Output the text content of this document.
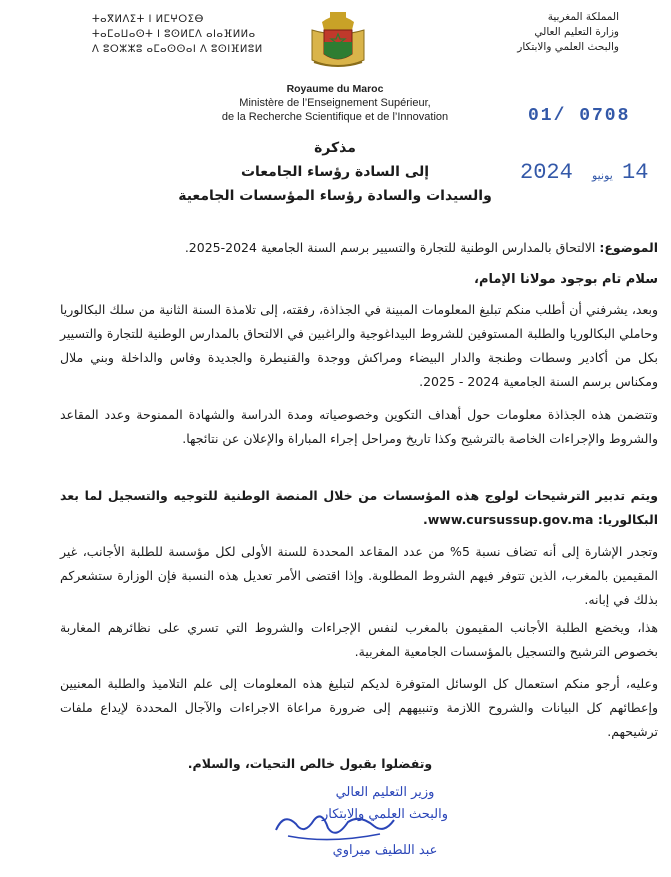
ⵜⴰⴳⵍⴷⵉⵜ ⵏ ⵍⵎⵖⵔⵉⴱ
ⵜⴰⵎⴰⵡⴰⵙⵜ ⵏ ⵓⵙⵍⵎⴷ ⴰⵏⴰⴼⵍⵍⴰ
ⴷ ⵓⵔⵣⵣⵓ ⴰⵎⴰⵙⵙⴰⵏ ⴷ ⵓⵙⵏⴼⵍⵓⵍ
المملكة المغربية
وزارة التعليم العالي
والبحث العلمي والابتكار
Royaume du Maroc
Ministère de l’Enseignement Supérieur,
de la Recherche Scientifique et de l’Innovation	01/ 0708
مذكرة
2024 يونيو 14
إلى السادة رؤساء الجامعات
والسيدات والسادة رؤساء المؤسسات الجامعية

الموضوع: الالتحاق بالمدارس الوطنية للتجارة والتسيير برسم السنة الجامعية 2024-2025.

سلام تام بوجود مولانا الإمام،
وبعد، يشرفني أن أطلب منكم تبليغ المعلومات المبينة في الجذاذة، رفقته، إلى تلامذة السنة الثانية من سلك البكالوريا وحاملي البكالوريا والطلبة المستوفين للشروط البيداغوجية والراغبين في الالتحاق بالمدارس الوطنية للتجارة والتسيير بكل من أكادير وسطات وطنجة والدار البيضاء ومراكش ووجدة والقنيطرة والجديدة وفاس والداخلة وبني ملال ومكناس برسم السنة الجامعية 2024 - 2025.
وتتضمن هذه الجذاذة معلومات حول أهداف التكوين وخصوصياته ومدة الدراسة والشهادة الممنوحة وعدد المقاعد والشروط والإجراءات الخاصة بالترشيح وكذا تاريخ ومراحل إجراء المباراة والإعلان عن نتائجها.
ويتم تدبير الترشيحات لولوج هذه المؤسسات من خلال المنصة الوطنية للتوجيه والتسجيل لما بعد البكالوريا: www.cursussup.gov.ma.
وتجدر الإشارة إلى أنه تضاف نسبة 5% من عدد المقاعد المحددة للسنة الأولى لكل مؤسسة للطلبة الأجانب، غير المقيمين بالمغرب، الذين تتوفر فيهم الشروط المطلوبة. وإذا اقتضى الأمر تعديل هذه النسبة فإن الوزارة ستشعركم بذلك في إبانه.
هذا، ويخضع الطلبة الأجانب المقيمون بالمغرب لنفس الإجراءات والشروط التي تسري على نظائرهم المغاربة بخصوص الترشيح والتسجيل بالمؤسسات الجامعية المغربية.
وعليه، أرجو منكم استعمال كل الوسائل المتوفرة لديكم لتبليغ هذه المعلومات إلى علم التلاميذ والطلبة المعنيين وإعطائهم كل البيانات والشروح اللازمة وتنبيههم إلى ضرورة مراعاة الاجراءات والآجال المحددة لإيداع ملفات ترشيحهم.
وتفضلوا بقبول خالص التحيات، والسلام.
وزير التعليم العالي
والبحث العلمي والابتكار
عبد اللطيف ميراوي
